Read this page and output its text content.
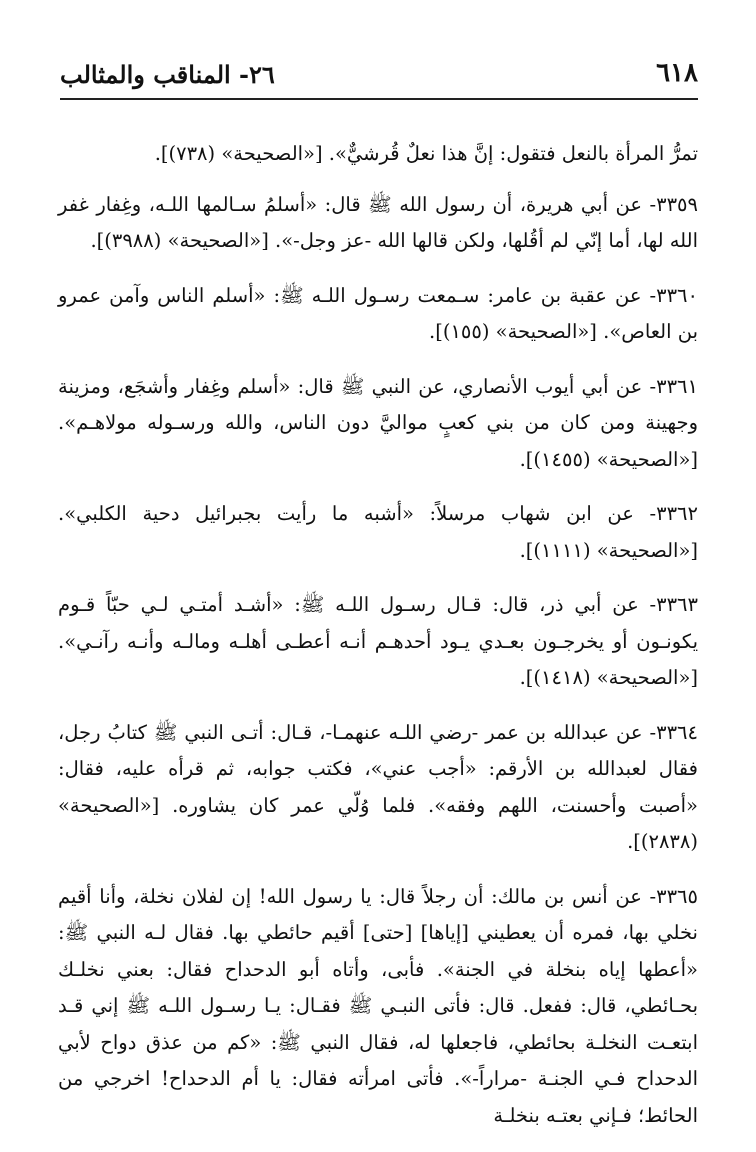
٦١٨
٢٦- المناقب والمثالب

تمرُّ المرأة بالنعل فتقول: إنَّ هذا نعلٌ قُرشيٌّ». [«الصحيحة» (٧٣٨)].

٣٣٥٩- عن أبي هريرة، أن رسول الله ﷺ قال: «أسلمُ سـالمها اللـه، وغِفار غفر الله لها، أما إنّي لم أقُلها، ولكن قالها الله -عز وجل-». [«الصحيحة» (٣٩٨٨)].

٣٣٦٠- عن عقبة بن عامر: سـمعت رسـول اللـه ﷺ: «أسلم الناس وآمن عمرو بن العاص». [«الصحيحة» (١٥٥)].

٣٣٦١- عن أبي أيوب الأنصاري، عن النبي ﷺ قال: «أسلم وغِفار وأشجَع، ومزينة وجهينة ومن كان من بني كعبٍ مواليَّ دون الناس، والله ورسـوله مولاهـم». [«الصحيحة» (١٤٥٥)].

٣٣٦٢- عن ابن شهاب مرسلاً: «أشبه ما رأيت بجبرائيل دحية الكلبي». [«الصحيحة» (١١١١)].

٣٣٦٣- عن أبي ذر، قال: قـال رسـول اللـه ﷺ: «أشـد أمتـي لـي حبّاً قـوم يكونـون أو يخرجـون بعـدي يـود أحدهـم أنـه أعطـى أهلـه ومالـه وأنـه رآنـي». [«الصحيحة» (١٤١٨)].

٣٣٦٤- عن عبدالله بن عمر -رضي اللـه عنهمـا-، قـال: أتـى النبي ﷺ كتابُ رجل، فقال لعبدالله بن الأرقم: «أجب عني»، فكتب جوابه، ثم قرأه عليه، فقال: «أصبت وأحسنت، اللهم وفقه». فلما وُلّي عمر كان يشاوره. [«الصحيحة» (٢٨٣٨)].

٣٣٦٥- عن أنس بن مالك: أن رجلاً قال: يا رسول الله! إن لفلان نخلة، وأنا أقيم نخلي بها، فمره أن يعطيني [إياها] [حتى] أقيم حائطي بها. فقال لـه النبي ﷺ: «أعطها إياه بنخلة في الجنة». فأبى، وأتاه أبو الدحداح فقال: بعني نخلـك بحـائطي، قال: ففعل. قال: فأتى النبـي ﷺ فقـال: يـا رسـول اللـه ﷺ إني قـد ابتعـت النخلـة بحائطي، فاجعلها له، فقال النبي ﷺ: «كم من عذق دواح لأبي الدحداح فـي الجنـة -مراراً-». فأتى امرأته فقال: يا أم الدحداح! اخرجي من الحائط؛ فـإني بعتـه بنخلـة
